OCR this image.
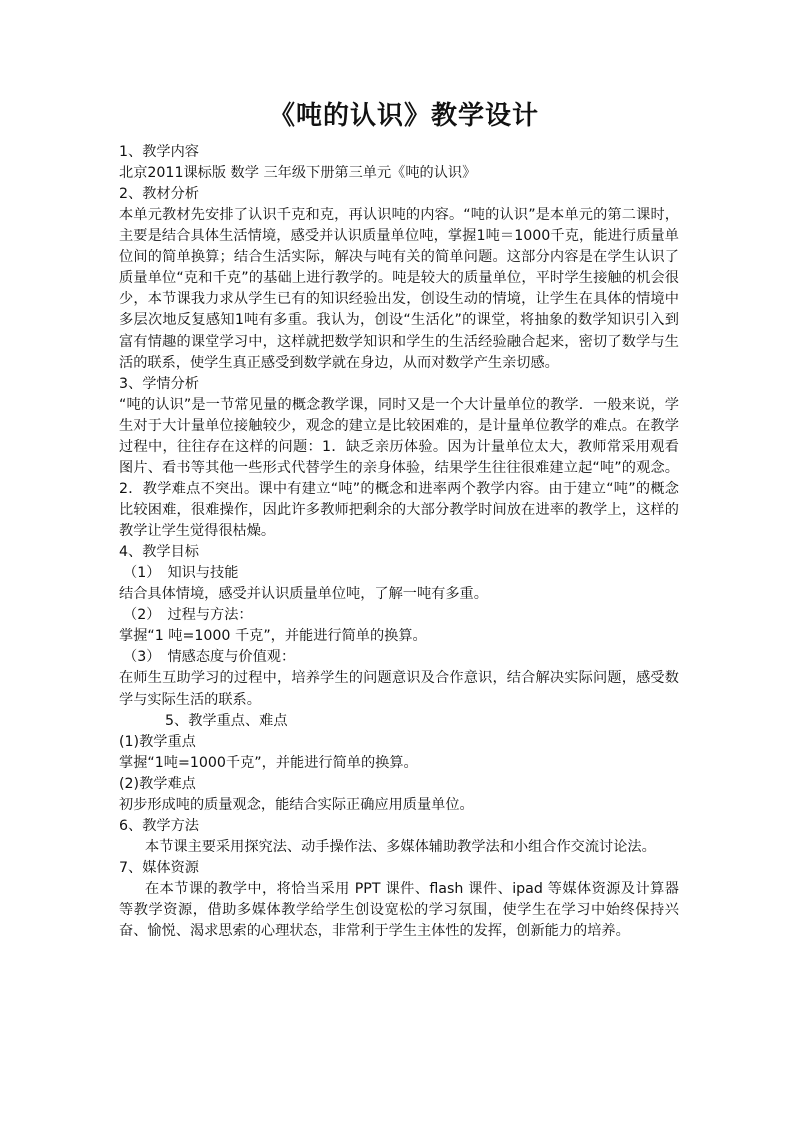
《吨的认识》教学设计

1、教学内容

北京2011课标版 数学 三年级下册第三单元《吨的认识》

2、教材分析

本单元教材先安排了认识千克和克，再认识吨的内容。“吨的认识”是本单元的第二课时，主要是结合具体生活情境，感受并认识质量单位吨，掌握1吨＝1000千克，能进行质量单位间的简单换算；结合生活实际，解决与吨有关的简单问题。这部分内容是在学生认识了质量单位“克和千克”的基础上进行教学的。吨是较大的质量单位，平时学生接触的机会很少，本节课我力求从学生已有的知识经验出发，创设生动的情境，让学生在具体的情境中多层次地反复感知1吨有多重。我认为，创设“生活化”的课堂，将抽象的数学知识引入到富有情趣的课堂学习中，这样就把数学知识和学生的生活经验融合起来，密切了数学与生活的联系，使学生真正感受到数学就在身边，从而对数学产生亲切感。

3、学情分析

“吨的认识”是一节常见量的概念教学课，同时又是一个大计量单位的教学．一般来说，学生对于大计量单位接触较少，观念的建立是比较困难的，是计量单位教学的难点。在教学过程中，往往存在这样的问题：1．缺乏亲历体验。因为计量单位太大，教师常采用观看图片、看书等其他一些形式代替学生的亲身体验，结果学生往往很难建立起“吨”的观念。2．教学难点不突出。课中有建立“吨”的概念和进率两个教学内容。由于建立“吨”的概念比较困难，很难操作，因此许多教师把剩余的大部分教学时间放在进率的教学上，这样的教学让学生觉得很枯燥。

4、教学目标

（1）　知识与技能

结合具体情境，感受并认识质量单位吨，了解一吨有多重。

（2）　过程与方法：

掌握“1 吨=1000 千克”，并能进行简单的换算。

（3）　情感态度与价值观：

在师生互助学习的过程中，培养学生的问题意识及合作意识，结合解决实际问题，感受数学与实际生活的联系。

5、教学重点、难点

(1)教学重点

掌握“1吨=1000千克”，并能进行简单的换算。

(2)教学难点

初步形成吨的质量观念，能结合实际正确应用质量单位。

6、教学方法

本节课主要采用探究法、动手操作法、多媒体辅助教学法和小组合作交流讨论法。

7、媒体资源

在本节课的教学中，将恰当采用 PPT 课件、flash 课件、ipad 等媒体资源及计算器等教学资源，借助多媒体教学给学生创设宽松的学习氛围，使学生在学习中始终保持兴奋、愉悦、渴求思索的心理状态，非常利于学生主体性的发挥，创新能力的培养。
